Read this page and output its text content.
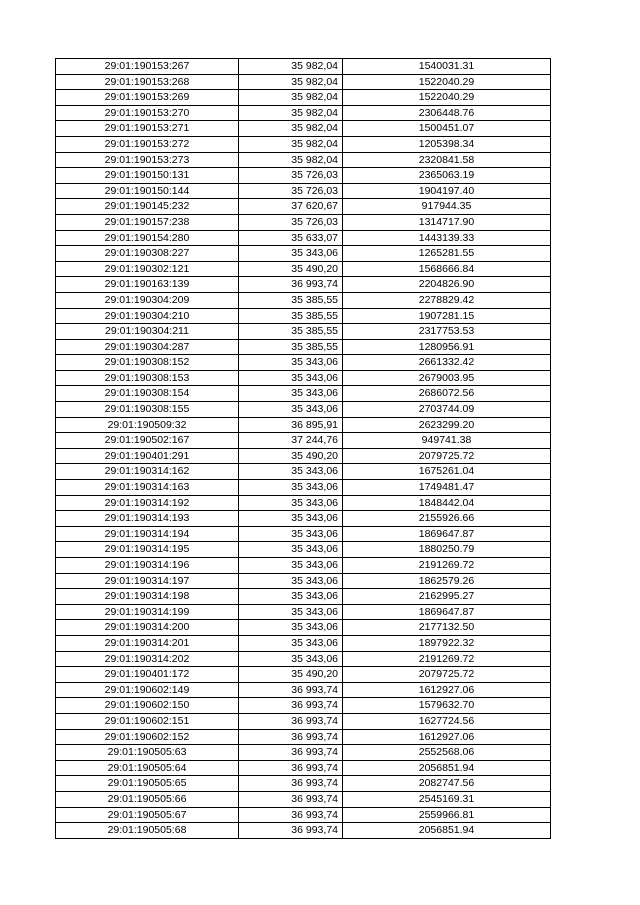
29:01:190153:267	35 982,04	1540031.31
29:01:190153:268	35 982,04	1522040.29
29:01:190153:269	35 982,04	1522040.29
29:01:190153:270	35 982,04	2306448.76
29:01:190153:271	35 982,04	1500451.07
29:01:190153:272	35 982,04	1205398.34
29:01:190153:273	35 982,04	2320841.58
29:01:190150:131	35 726,03	2365063.19
29:01:190150:144	35 726,03	1904197.40
29:01:190145:232	37 620,67	917944.35
29:01:190157:238	35 726,03	1314717.90
29:01:190154:280	35 633,07	1443139.33
29:01:190308:227	35 343,06	1265281.55
29:01:190302:121	35 490,20	1568666.84
29:01:190163:139	36 993,74	2204826.90
29:01:190304:209	35 385,55	2278829.42
29:01:190304:210	35 385,55	1907281.15
29:01:190304:211	35 385,55	2317753.53
29:01:190304:287	35 385,55	1280956.91
29:01:190308:152	35 343,06	2661332.42
29:01:190308:153	35 343,06	2679003.95
29:01:190308:154	35 343,06	2686072.56
29:01:190308:155	35 343,06	2703744.09
29:01:190509:32	36 895,91	2623299.20
29:01:190502:167	37 244,76	949741.38
29:01:190401:291	35 490,20	2079725.72
29:01:190314:162	35 343,06	1675261.04
29:01:190314:163	35 343,06	1749481.47
29:01:190314:192	35 343,06	1848442.04
29:01:190314:193	35 343,06	2155926.66
29:01:190314:194	35 343,06	1869647.87
29:01:190314:195	35 343,06	1880250.79
29:01:190314:196	35 343,06	2191269.72
29:01:190314:197	35 343,06	1862579.26
29:01:190314:198	35 343,06	2162995.27
29:01:190314:199	35 343,06	1869647.87
29:01:190314:200	35 343,06	2177132.50
29:01:190314:201	35 343,06	1897922.32
29:01:190314:202	35 343,06	2191269.72
29:01:190401:172	35 490,20	2079725.72
29:01:190602:149	36 993,74	1612927.06
29:01:190602:150	36 993,74	1579632.70
29:01:190602:151	36 993,74	1627724.56
29:01:190602:152	36 993,74	1612927.06
29:01:190505:63	36 993,74	2552568.06
29:01:190505:64	36 993,74	2056851.94
29:01:190505:65	36 993,74	2082747.56
29:01:190505:66	36 993,74	2545169.31
29:01:190505:67	36 993,74	2559966.81
29:01:190505:68	36 993,74	2056851.94
